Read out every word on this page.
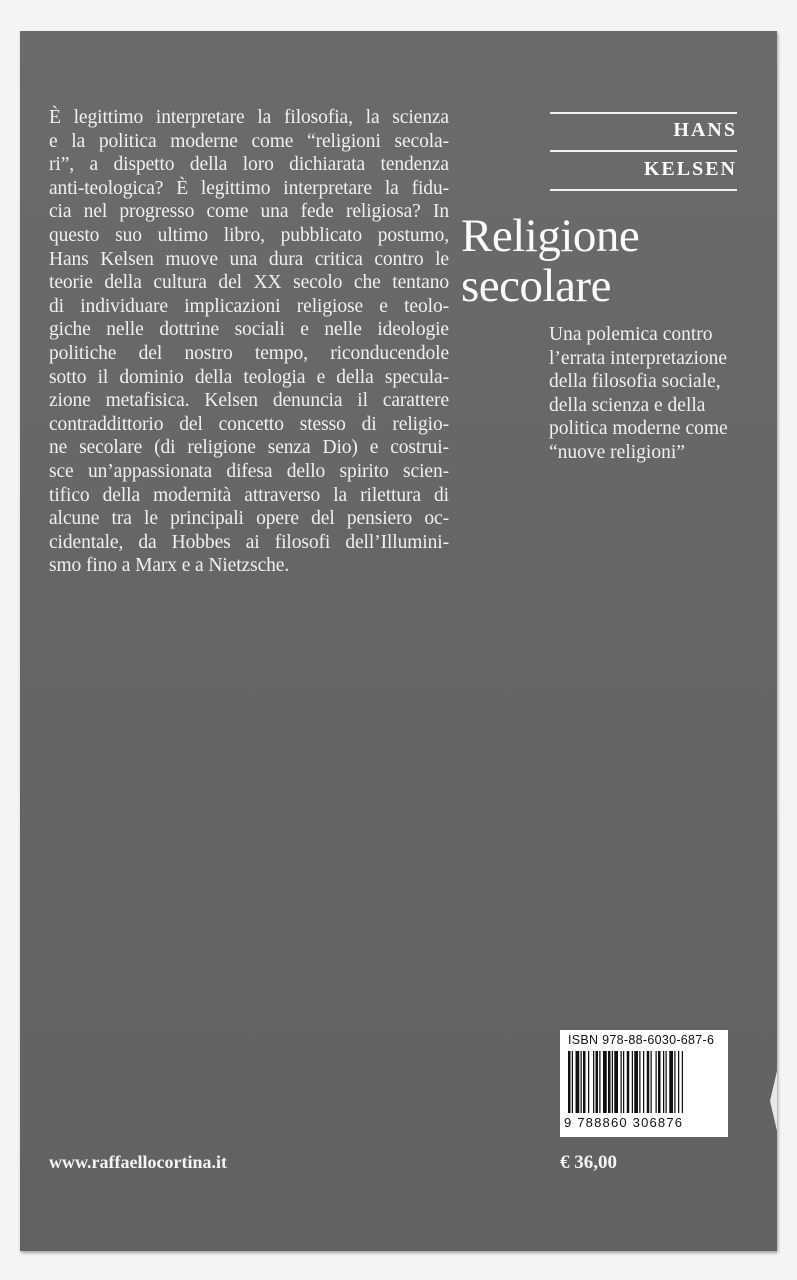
È legittimo interpretare la filosofia, la scienza
e la politica moderne come “religioni secola-
ri”, a dispetto della loro dichiarata tendenza
anti-teologica? È legittimo interpretare la fidu-
cia nel progresso come una fede religiosa? In
questo suo ultimo libro, pubblicato postumo,
Hans Kelsen muove una dura critica contro le
teorie della cultura del XX secolo che tentano
di individuare implicazioni religiose e teolo-
giche nelle dottrine sociali e nelle ideologie
politiche del nostro tempo, riconducendole
sotto il dominio della teologia e della specula-
zione metafisica. Kelsen denuncia il carattere
contraddittorio del concetto stesso di religio-
ne secolare (di religione senza Dio) e costrui-
sce un’appassionata difesa dello spirito scien-
tifico della modernità attraverso la rilettura di
alcune tra le principali opere del pensiero oc-
cidentale, da Hobbes ai filosofi dell’Illumini-
smo fino a Marx e a Nietzsche.
HANS
KELSEN
Religione
secolare
Una polemica contro
l’errata interpretazione
della filosofia sociale,
della scienza e della
politica moderne come
“nuove religioni”
ISBN 978-88-6030-687-6
9 788860 306876
www.raffaellocortina.it	€ 36,00
